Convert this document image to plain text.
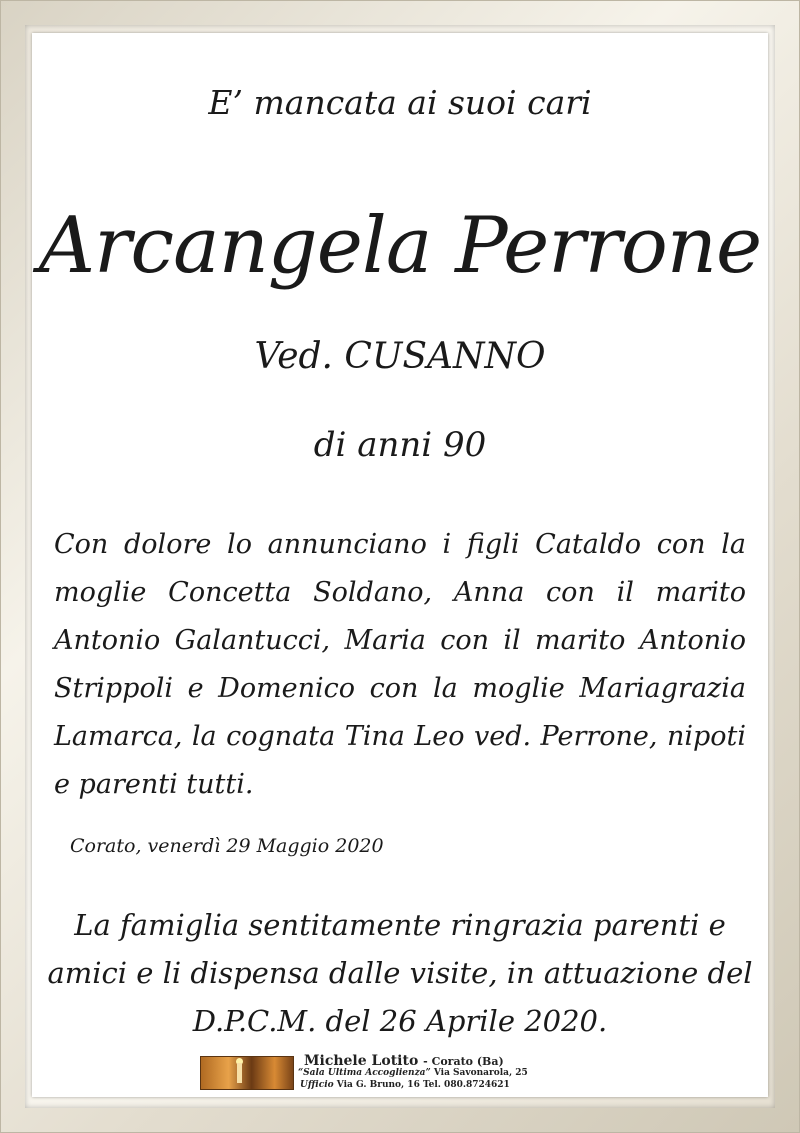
E’ mancata ai suoi cari
Arcangela Perrone
Ved. CUSANNO
di anni 90
Con dolore lo annunciano i figli Cataldo con la moglie Concetta Soldano, Anna con il marito Antonio Galantucci, Maria con il marito Antonio Strippoli e Domenico con la moglie Mariagrazia Lamarca, la cognata Tina Leo ved. Perrone, nipoti e parenti tutti.
Corato, venerdì 29 Maggio 2020
La famiglia sentitamente ringrazia parenti e
amici e li dispensa dalle visite, in attuazione del
D.P.C.M. del 26 Aprile 2020.
Michele Lotito - Corato (Ba)
“Sala Ultima Accoglienza” Via Savonarola, 25
Ufficio Via G. Bruno, 16 Tel. 080.8724621
